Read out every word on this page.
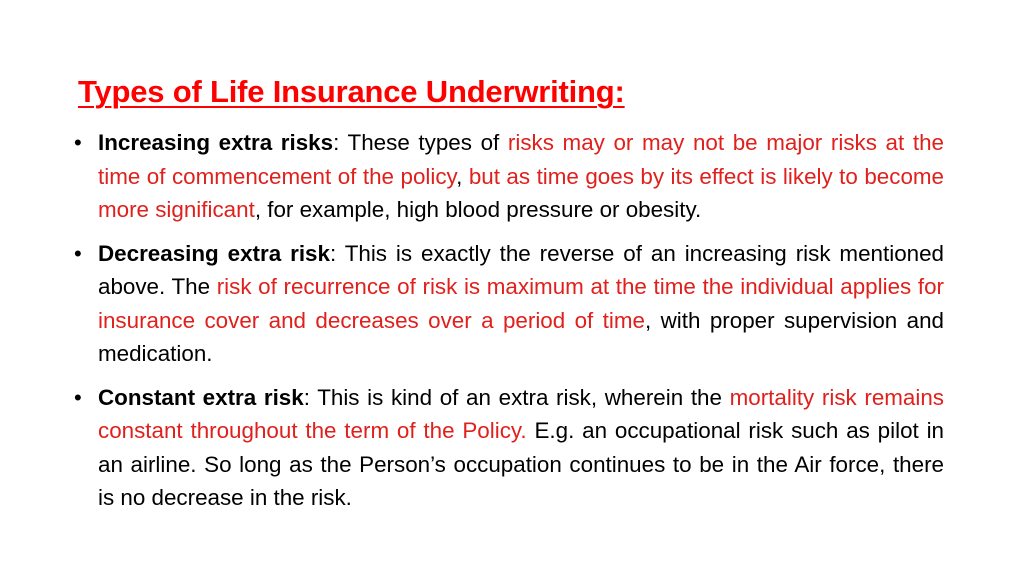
Types of Life Insurance Underwriting:
• Increasing extra risks: These types of risks may or may not be major risks at the time of commencement of the policy, but as time goes by its effect is likely to become more significant, for example, high blood pressure or obesity.
• Decreasing extra risk: This is exactly the reverse of an increasing risk mentioned above. The risk of recurrence of risk is maximum at the time the individual applies for insurance cover and decreases over a period of time, with proper supervision and medication.
• Constant extra risk: This is kind of an extra risk, wherein the mortality risk remains constant throughout the term of the Policy. E.g. an occupational risk such as pilot in an airline. So long as the Person’s occupation continues to be in the Air force, there is no decrease in the risk.
